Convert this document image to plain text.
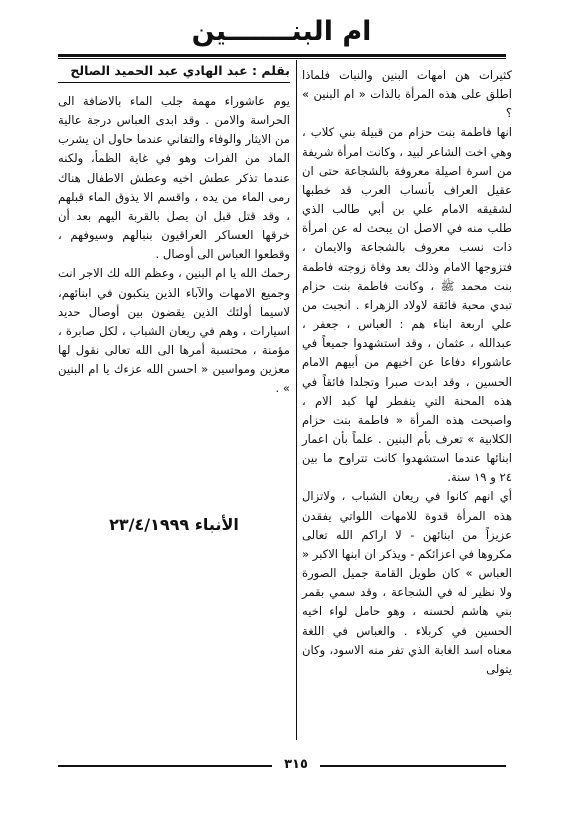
ام البنـــــــين

كثيرات هن امهات البنين والنبات فلماذا اطلق على هذه المرأة بالذات « ام البنين » ؟

انها فاطمة بنت حزام من قبيلة بني كلاب ، وهي اخت الشاعر لبيد ، وكانت امرأة شريفة من اسرة اصيلة معروفة بالشجاعة حتى ان عقيل العراف بأنساب العرب قد خطبها لشقيقه الامام علي بن أبي طالب الذي طلب منه في الاصل ان يبحث له عن امرأة ذات نسب معروف بالشجاعة والايمان ، فتزوجها الامام وذلك بعد وفاة زوجته فاطمة بنت محمد ﷺ ، وكانت فاطمة بنت حزام تبدي محبة فائقة لاولاد الزهراء . انجبت من علي اربعة ابناء هم : العباس ، جعفر ، عبدالله ، عثمان ، وقد استشهدوا جميعاً في عاشوراء دفاعا عن اخيهم من أبيهم الامام الحسين ، وقد ابدت صبرا وتجلدا فائقاً في هذه المحنة التي ينفطر لها كبد الام ، واصبحت هذه المرأة « فاطمة بنت حزام الكلابية » تعرف بأم البنين . علماً بأن اعمار ابنائها عندما استشهدوا كانت تتراوح ما بين ٢٤ و ١٩ سنة.

أي انهم كانوا في ريعان الشباب ، ولاتزال هذه المرأة قدوة للامهات اللواتي يفقدن عزيزاً من ابنائهن - لا اراكم الله تعالى مكروها في اعزائكم - ويذكر ان ابنها الاكبر « العباس » كان طويل القامة جميل الصورة ولا نظير له في الشجاعة ، وقد سمي بقمر بني هاشم لحسنه ، وهو حامل لواء اخيه الحسين في كربلاء . والعباس في اللغة معناه اسد الغابة الذي تفر منه الاسود، وكان يتولى

بقلم : عبد الهادي عبد الحميد الصالح

يوم عاشوراء مهمة جلب الماء بالاضافة الى الحراسة والامن . وقد ابدى العباس درجة عالية من الايثار والوفاء والتفاني عندما حاول ان يشرب الماد من الفرات وهو في غاية الظمأ، ولكنه عندما تذكر عطش اخيه وعطش الاطفال هناك رمى الماء من يده ، واقسم الا يذوق الماء قبلهم ، وقد قتل قبل ان يصل بالقربة اليهم بعد أن خرقها العساكر العراقيون بنبالهم وسيوفهم ، وقطعوا العباس الى أوصال .

رحمك الله يا ام البنين ، وعظم الله لك الاجر انت وجميع الامهات والآباء الذين ينكبون في ابنائهم، لاسيما أولئك الذين يقضون بين أوصال حديد اسيارات ، وهم في ريعان الشباب ، لكل صابرة ، مؤمنة ، محتسبة أمرها الى الله تعالى نقول لها معزين ومواسين « احسن الله عزءك يا ام البنين » .

الأنباء ٢٣/٤/١٩٩٩
٣١٥
